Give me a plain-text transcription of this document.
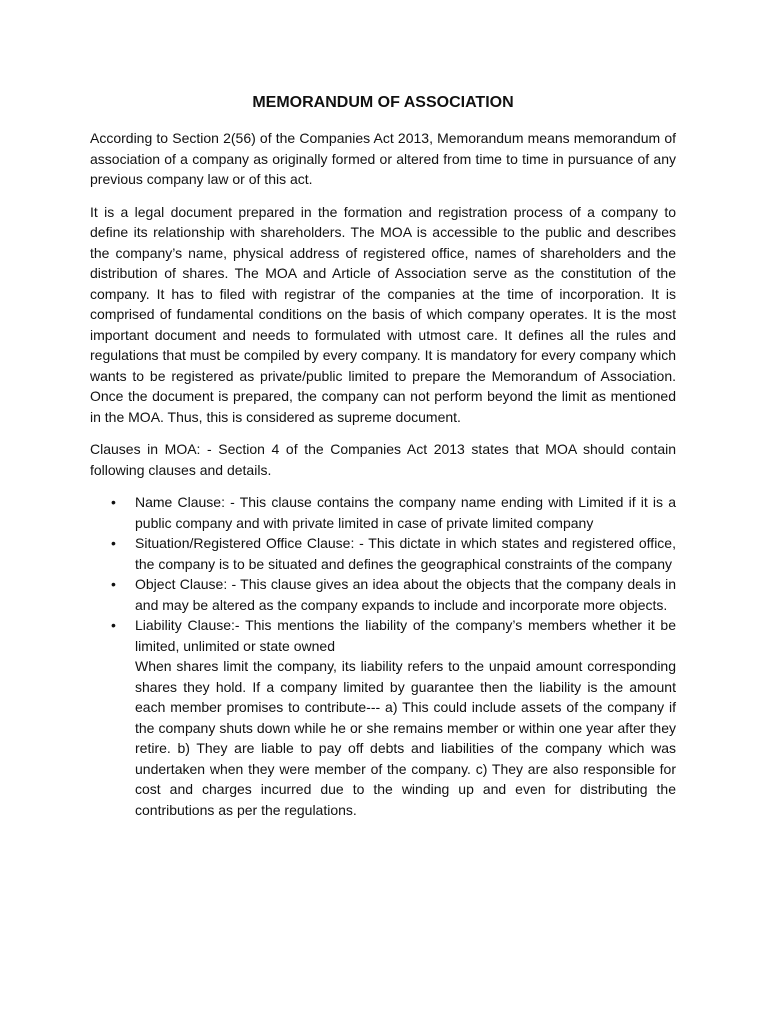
MEMORANDUM OF ASSOCIATION

According to Section 2(56) of the Companies Act 2013, Memorandum means memorandum of association of a company as originally formed or altered from time to time in pursuance of any previous company law or of this act.

It is a legal document prepared in the formation and registration process of a company to define its relationship with shareholders. The MOA is accessible to the public and describes the company’s name, physical address of registered office, names of shareholders and the distribution of shares. The MOA and Article of Association serve as the constitution of the company. It has to filed with registrar of the companies at the time of incorporation. It is comprised of fundamental conditions on the basis of which company operates. It is the most important document and needs to formulated with utmost care. It defines all the rules and regulations that must be compiled by every company. It is mandatory for every company which wants to be registered as private/public limited to prepare the Memorandum of Association. Once the document is prepared, the company can not perform beyond the limit as mentioned in the MOA. Thus, this is considered as supreme document.

Clauses in MOA: - Section 4 of the Companies Act 2013 states that MOA should contain following clauses and details.

• Name Clause: - This clause contains the company name ending with Limited if it is a public company and with private limited in case of private limited company
• Situation/Registered Office Clause: - This dictate in which states and registered office, the company is to be situated and defines the geographical constraints of the company
• Object Clause: - This clause gives an idea about the objects that the company deals in and may be altered as the company expands to include and incorporate more objects.
• Liability Clause:- This mentions the liability of the company’s members whether it be limited, unlimited or state owned
When shares limit the company, its liability refers to the unpaid amount corresponding shares they hold. If a company limited by guarantee then the liability is the amount each member promises to contribute--- a) This could include assets of the company if the company shuts down while he or she remains member or within one year after they retire. b) They are liable to pay off debts and liabilities of the company which was undertaken when they were member of the company. c) They are also responsible for cost and charges incurred due to the winding up and even for distributing the contributions as per the regulations.
